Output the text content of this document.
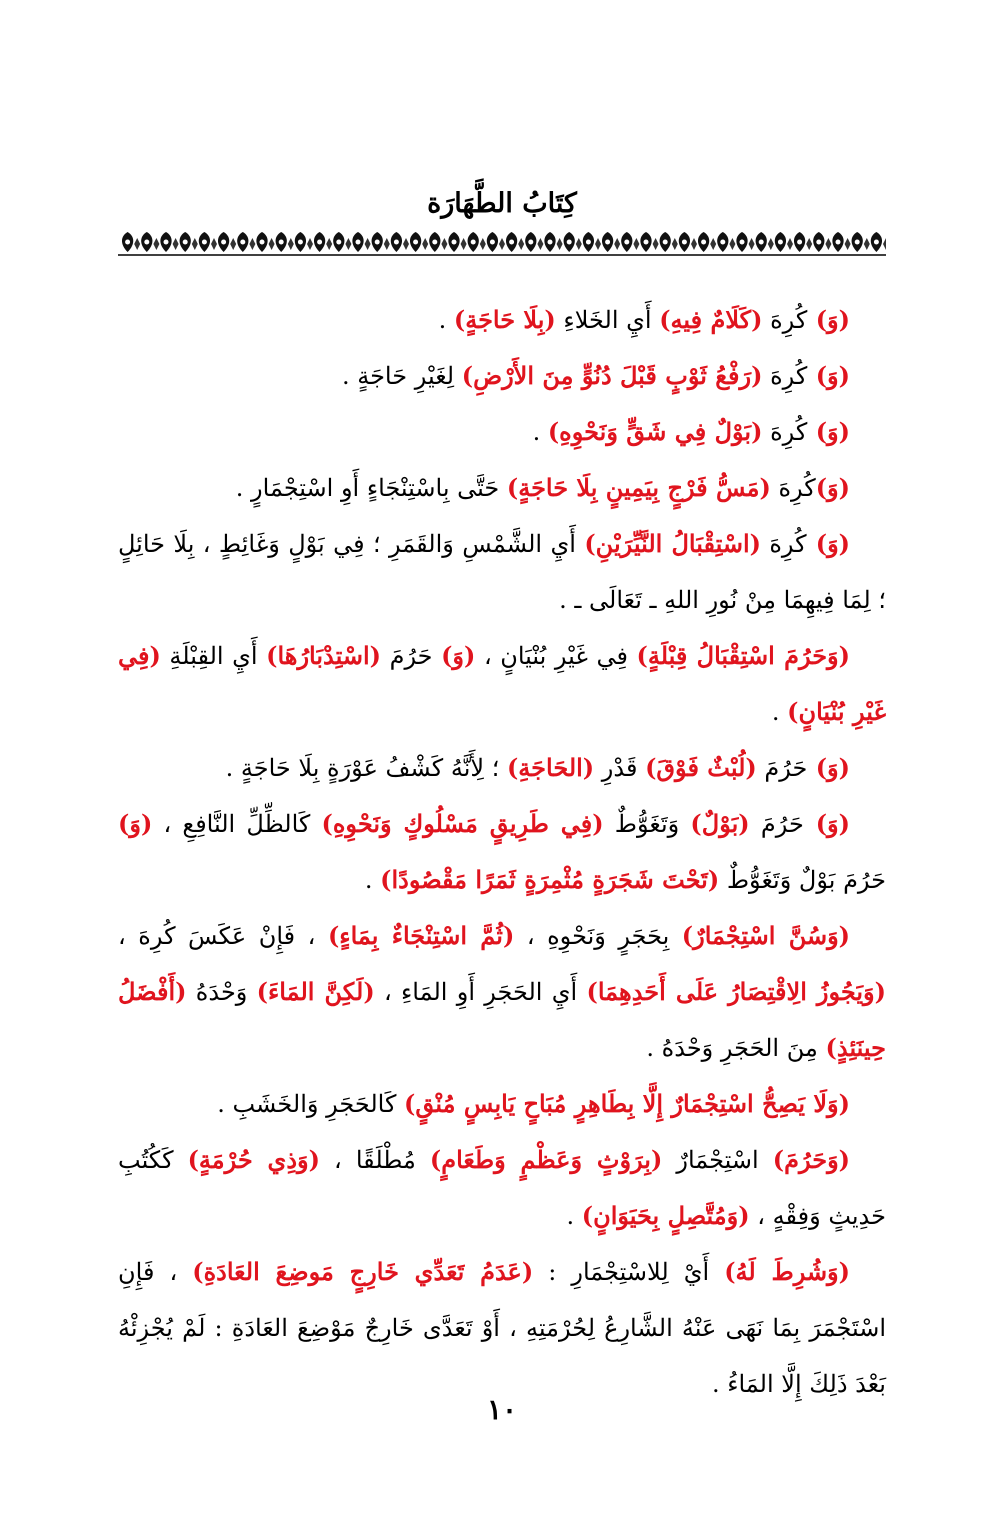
كِتَابُ الطَّهَارَة

(وَ) كُرِهَ (كَلَامٌ فِيهِ) أَيِ الخَلاءِ (بِلَا حَاجَةٍ) .

(وَ) كُرِهَ (رَفْعُ ثَوْبٍ قَبْلَ دُنُوٍّ مِنَ الأَرْضِ) لِغَيْرِ حَاجَةٍ .

(وَ) كُرِهَ (بَوْلٌ فِي شَقٍّ وَنَحْوِهِ) .

(وَ)كُرِهَ (مَسُّ فَرْجٍ بِيَمِينٍ بِلَا حَاجَةٍ) حَتَّى بِاسْتِنْجَاءٍ أَوِ اسْتِجْمَارٍ .

(وَ) كُرِهَ (اسْتِقْبَالُ النَّيِّرَيْنِ) أَيِ الشَّمْسِ وَالقَمَرِ ؛ فِي بَوْلٍ وَغَائِطٍ ، بِلَا حَائِلٍ ؛ لِمَا فِيهِمَا مِنْ نُورِ اللهِ ـ تَعَالَى ـ .

(وَحَرُمَ اسْتِقْبَالُ قِبْلَةٍ) فِي غَيْرِ بُنْيَانٍ ، (وَ) حَرُمَ (اسْتِدْبَارُهَا) أَيِ القِبْلَةِ (فِي غَيْرِ بُنْيَانٍ) .

(وَ) حَرُمَ (لُبْثٌ فَوْقَ) قَدْرِ (الحَاجَةِ) ؛ لِأَنَّهُ كَشْفُ عَوْرَةٍ بِلَا حَاجَةٍ .

(وَ) حَرُمَ (بَوْلٌ) وَتَغَوُّطٌ (فِي طَرِيقٍ مَسْلُوكٍ وَنَحْوِهِ) كَالظِّلِّ النَّافِعِ ، (وَ) حَرُمَ بَوْلٌ وَتَغَوُّطٌ (تَحْتَ شَجَرَةٍ مُثْمِرَةٍ ثَمَرًا مَقْصُودًا) .

(وَسُنَّ اسْتِجْمَارٌ) بِحَجَرٍ وَنَحْوِهِ ، (ثُمَّ اسْتِنْجَاءٌ بِمَاءٍ) ، فَإِنْ عَكَسَ كُرِهَ ، (وَيَجُوزُ الِاقْتِصَارُ عَلَى أَحَدِهِمَا) أَيِ الحَجَرِ أَوِ المَاءِ ، (لَكِنَّ المَاءَ) وَحْدَهُ (أَفْضَلُ حِينَئِذٍ) مِنَ الحَجَرِ وَحْدَهُ .

(وَلَا يَصِحُّ اسْتِجْمَارٌ إِلَّا بِطَاهِرٍ مُبَاحٍ يَابِسٍ مُنْقٍ) كَالحَجَرِ وَالخَشَبِ .

(وَحَرُمَ) اسْتِجْمَارٌ (بِرَوْثٍ وَعَظْمٍ وَطَعَامٍ) مُطْلَقًا ، (وَذِي حُرْمَةٍ) كَكُتُبِ حَدِيثٍ وَفِقْهٍ ، (وَمُتَّصِلٍ بِحَيَوَانٍ) .

(وَشُرِطَ لَهُ) أَيْ لِلاسْتِجْمَارِ : (عَدَمُ تَعَدِّي خَارِجٍ مَوضِعَ العَادَةِ) ، فَإِنِ اسْتَجْمَرَ بِمَا نَهَى عَنْهُ الشَّارِعُ لِحُرْمَتِهِ ، أَوْ تَعَدَّى خَارِجٌ مَوْضِعَ العَادَةِ : لَمْ يُجْزِئْهُ بَعْدَ ذَلِكَ إِلَّا المَاءُ .

١٠
